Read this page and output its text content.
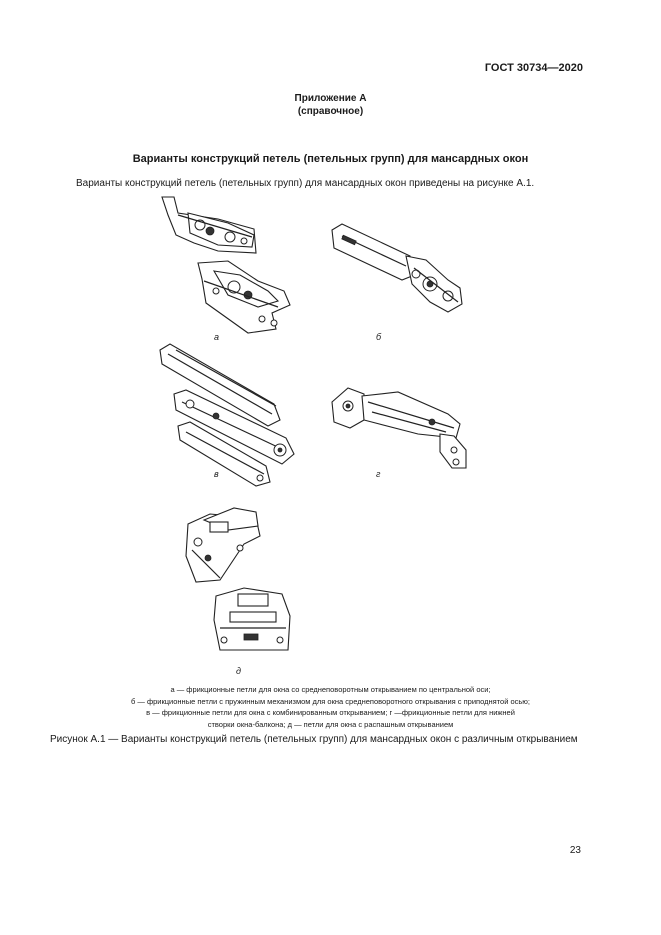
ГОСТ 30734—2020
Приложение А
(справочное)
Варианты конструкций петель (петельных групп) для мансардных окон
Варианты конструкций петель (петельных групп) для мансардных окон приведены на рисунке А.1.
а	б
в	г
д
а — фрикционные петли для окна со среднеповоротным открыванием по центральной оси;
б — фрикционные петли с пружинным механизмом для окна среднеповоротного открывания с приподнятой осью;
в — фрикционные петли для окна с комбинированным открыванием; г —фрикционные петли для нижней
створки окна-балкона; д — петли для окна с распашным открыванием
Рисунок А.1 — Варианты конструкций петель (петельных групп) для мансардных окон с различным открыванием
23
